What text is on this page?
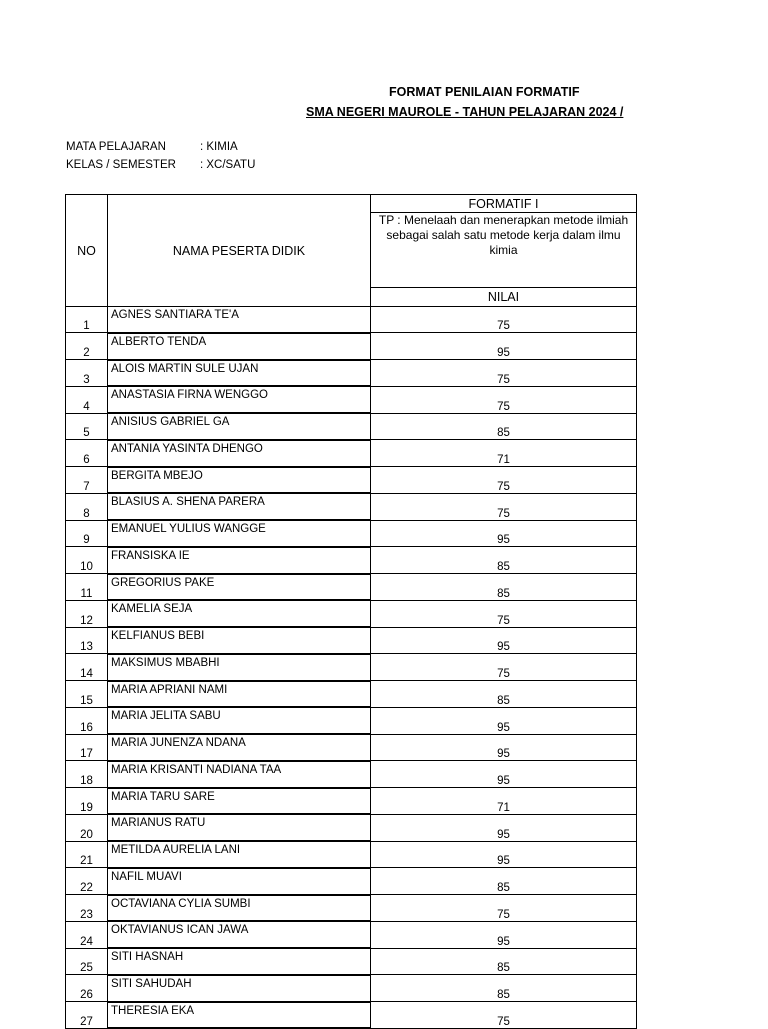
FORMAT PENILAIAN FORMATIF
SMA NEGERI MAUROLE - TAHUN PELAJARAN 2024 /
MATA PELAJARAN	: KIMIA
KELAS / SEMESTER : XC/SATU
NO	NAMA PESERTA DIDIK	FORMATIF I
		TP : Menelaah dan menerapkan metode ilmiah sebagai salah satu metode kerja dalam ilmu kimia
		NILAI
1	AGNES SANTIARA TE'A	75
2	ALBERTO TENDA	95
3	ALOIS MARTIN SULE UJAN	75
4	ANASTASIA FIRNA WENGGO	75
5	ANISIUS GABRIEL GA	85
6	ANTANIA YASINTA DHENGO	71
7	BERGITA MBEJO	75
8	BLASIUS A. SHENA PARERA	75
9	EMANUEL YULIUS WANGGE	95
10	FRANSISKA IE	85
11	GREGORIUS PAKE	85
12	KAMELIA SEJA	75
13	KELFIANUS BEBI	95
14	MAKSIMUS MBABHI	75
15	MARIA APRIANI NAMI	85
16	MARIA JELITA SABU	95
17	MARIA JUNENZA NDANA	95
18	MARIA KRISANTI NADIANA TAA	95
19	MARIA TARU SARE	71
20	MARIANUS RATU	95
21	METILDA AURELIA LANI	95
22	NAFIL MUAVI	85
23	OCTAVIANA CYLIA SUMBI	75
24	OKTAVIANUS ICAN JAWA	95
25	SITI HASNAH	85
26	SITI SAHUDAH	85
27	THERESIA EKA	75
